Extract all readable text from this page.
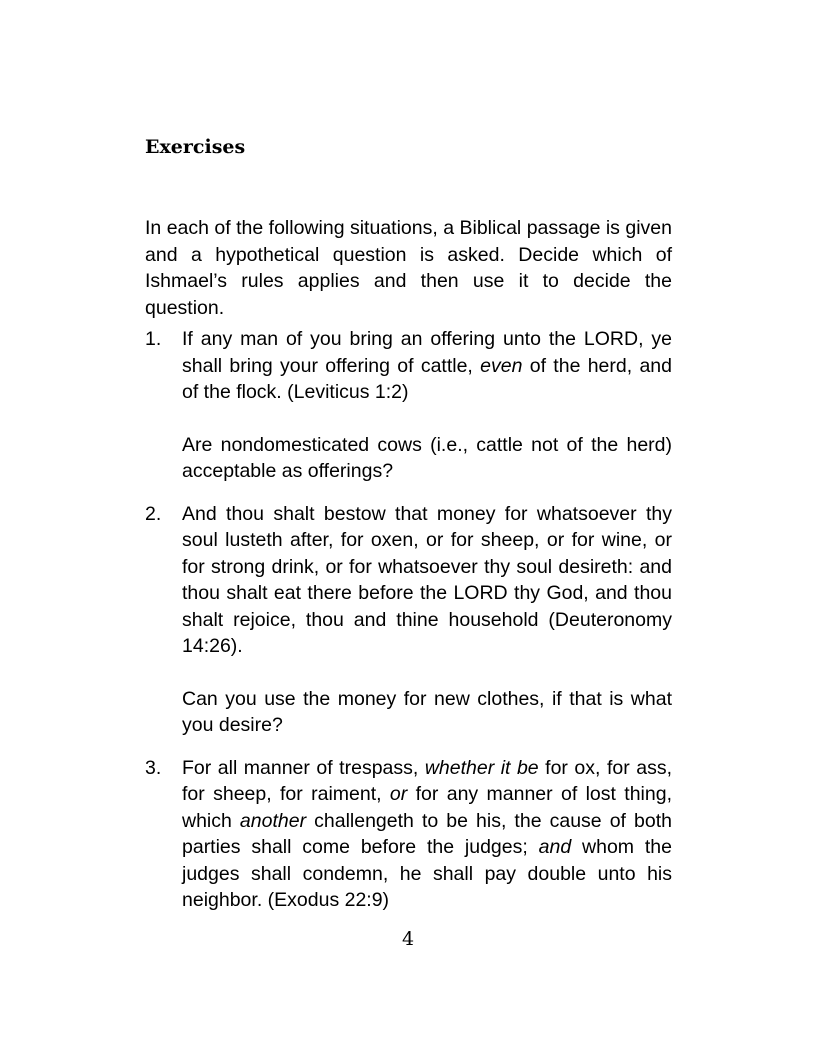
Exercises

In each of the following situations, a Biblical passage is given and a hypothetical question is asked. Decide which of Ishmael’s rules applies and then use it to decide the question.

1.	If any man of you bring an offering unto the LORD, ye shall bring your offering of cattle, even of the herd, and of the flock. (Leviticus 1:2)

Are nondomesticated cows (i.e., cattle not of the herd) acceptable as offerings?

2.	And thou shalt bestow that money for whatsoever thy soul lusteth after, for oxen, or for sheep, or for wine, or for strong drink, or for whatsoever thy soul desireth: and thou shalt eat there before the LORD thy God, and thou shalt rejoice, thou and thine household (Deuteronomy 14:26).

Can you use the money for new clothes, if that is what you desire?

3.	For all manner of trespass, whether it be for ox, for ass, for sheep, for raiment, or for any manner of lost thing, which another challengeth to be his, the cause of both parties shall come before the judges; and whom the judges shall condemn, he shall pay double unto his neighbor. (Exodus 22:9)

4
